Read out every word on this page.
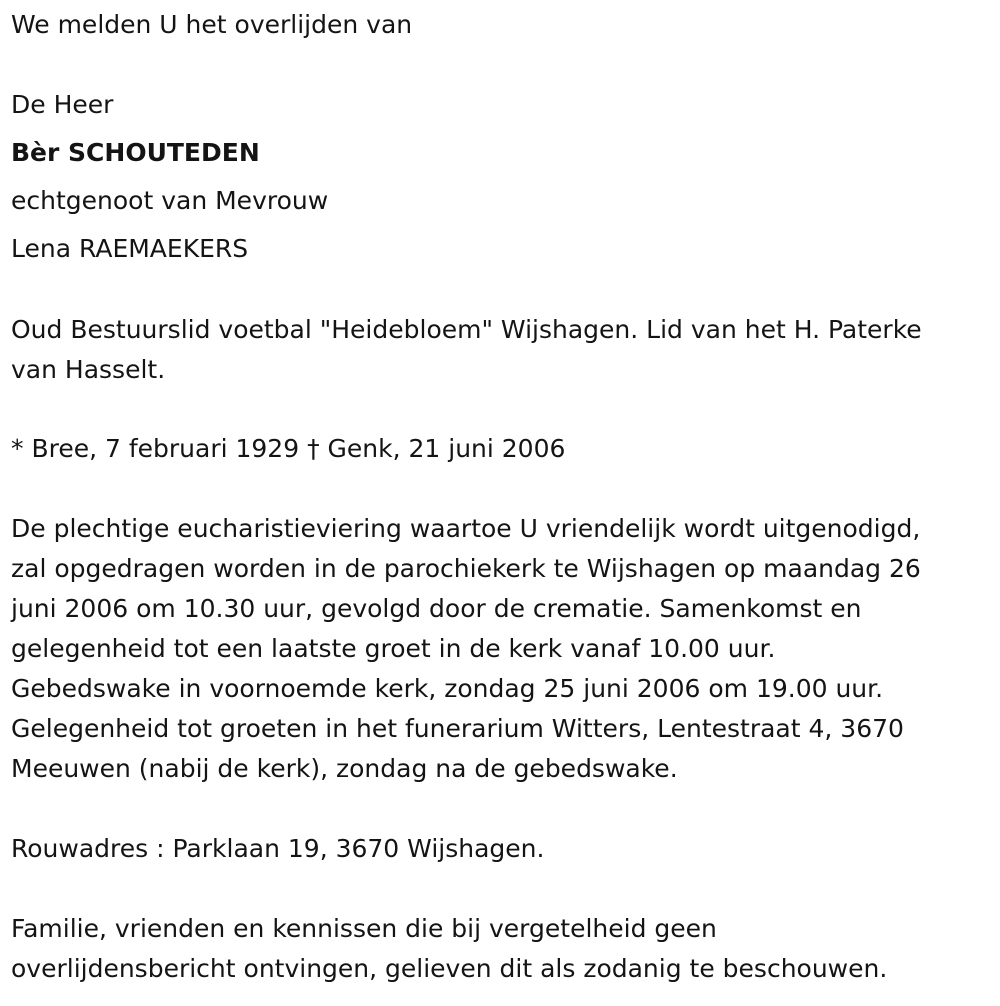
We melden U het overlijden van
De Heer
Bèr SCHOUTEDEN
echtgenoot van Mevrouw
Lena RAEMAEKERS
Oud Bestuurslid voetbal "Heidebloem" Wijshagen. Lid van het H. Paterke
van Hasselt.
* Bree, 7 februari 1929 † Genk, 21 juni 2006
De plechtige eucharistieviering waartoe U vriendelijk wordt uitgenodigd,
zal opgedragen worden in de parochiekerk te Wijshagen op maandag 26
juni 2006 om 10.30 uur, gevolgd door de crematie. Samenkomst en
gelegenheid tot een laatste groet in de kerk vanaf 10.00 uur.
Gebedswake in voornoemde kerk, zondag 25 juni 2006 om 19.00 uur.
Gelegenheid tot groeten in het funerarium Witters, Lentestraat 4, 3670
Meeuwen (nabij de kerk), zondag na de gebedswake.
Rouwadres : Parklaan 19, 3670 Wijshagen.
Familie, vrienden en kennissen die bij vergetelheid geen
overlijdensbericht ontvingen, gelieven dit als zodanig te beschouwen.
